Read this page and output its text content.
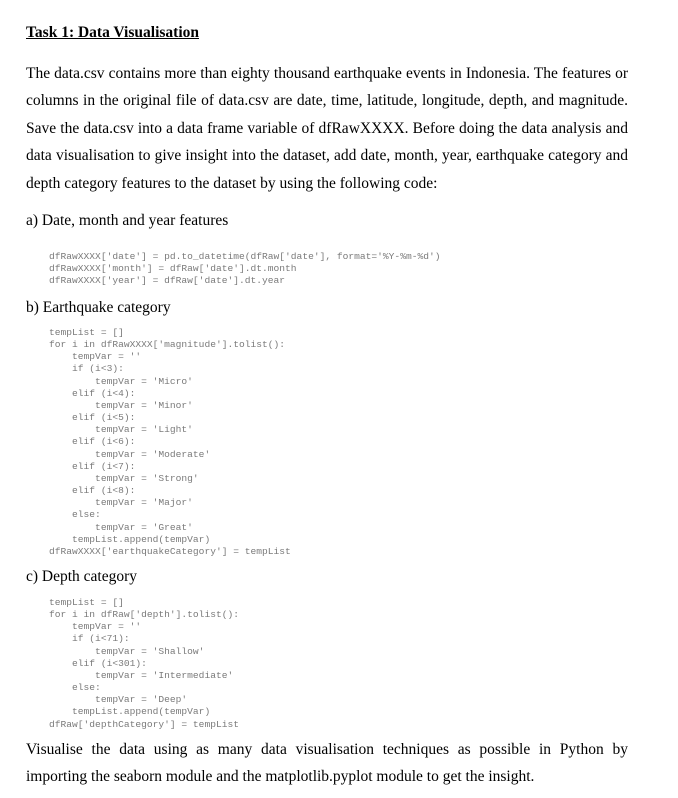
Task 1: Data Visualisation
The data.csv contains more than eighty thousand earthquake events in Indonesia. The features or columns in the original file of data.csv are date, time, latitude, longitude, depth, and magnitude. Save the data.csv into a data frame variable of dfRawXXXX. Before doing the data analysis and data visualisation to give insight into the dataset, add date, month, year, earthquake category and depth category features to the dataset by using the following code:
a) Date, month and year features
dfRawXXXX['date'] = pd.to_datetime(dfRaw['date'], format='%Y-%m-%d')
dfRawXXXX['month'] = dfRaw['date'].dt.month
dfRawXXXX['year'] = dfRaw['date'].dt.year
b) Earthquake category
tempList = []
for i in dfRawXXXX['magnitude'].tolist():
tempVar = ''
if (i<3):
tempVar = 'Micro'
elif (i<4):
tempVar = 'Minor'
elif (i<5):
tempVar = 'Light'
elif (i<6):
tempVar = 'Moderate'
elif (i<7):
tempVar = 'Strong'
elif (i<8):
tempVar = 'Major'
else:
tempVar = 'Great'
tempList.append(tempVar)
dfRawXXXX['earthquakeCategory'] = tempList
c) Depth category
tempList = []
for i in dfRaw['depth'].tolist():
tempVar = ''
if (i<71):
tempVar = 'Shallow'
elif (i<301):
tempVar = 'Intermediate'
else:
tempVar = 'Deep'
tempList.append(tempVar)
dfRaw['depthCategory'] = tempList
Visualise the data using as many data visualisation techniques as possible in Python by importing the seaborn module and the matplotlib.pyplot module to get the insight.
